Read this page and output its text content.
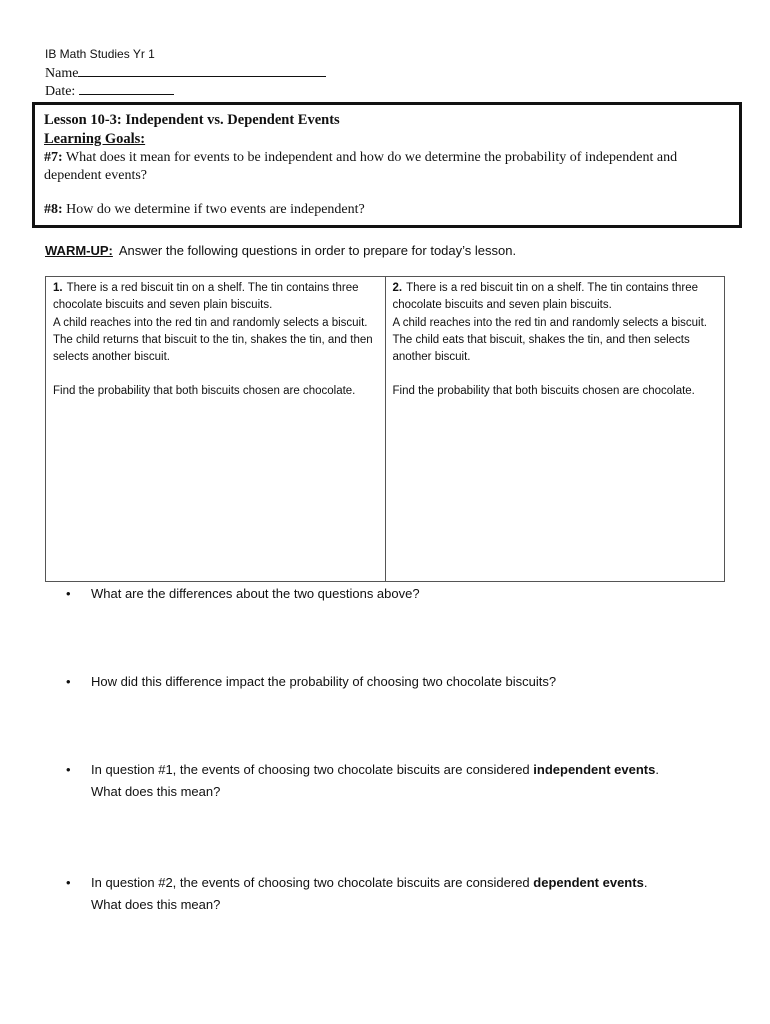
IB Math Studies Yr 1
Name
Date:

Lesson 10-3: Independent vs. Dependent Events

Learning Goals:

#7: What does it mean for events to be independent and how do we determine the probability of independent and dependent events?

#8: How do we determine if two events are independent?

WARM-UP: Answer the following questions in order to prepare for today’s lesson.

1. There is a red biscuit tin on a shelf. The tin contains three chocolate biscuits and seven plain biscuits.

A child reaches into the red tin and randomly selects a biscuit. The child returns that biscuit to the tin, shakes the tin, and then selects another biscuit.

Find the probability that both biscuits chosen are chocolate.

2. There is a red biscuit tin on a shelf. The tin contains three chocolate biscuits and seven plain biscuits.

A child reaches into the red tin and randomly selects a biscuit. The child eats that biscuit, shakes the tin, and then selects another biscuit.

Find the probability that both biscuits chosen are chocolate.

• What are the differences about the two questions above?
• How did this difference impact the probability of choosing two chocolate biscuits?
• In question #1, the events of choosing two chocolate biscuits are considered independent events.
What does this mean?
• In question #2, the events of choosing two chocolate biscuits are considered dependent events.
What does this mean?
